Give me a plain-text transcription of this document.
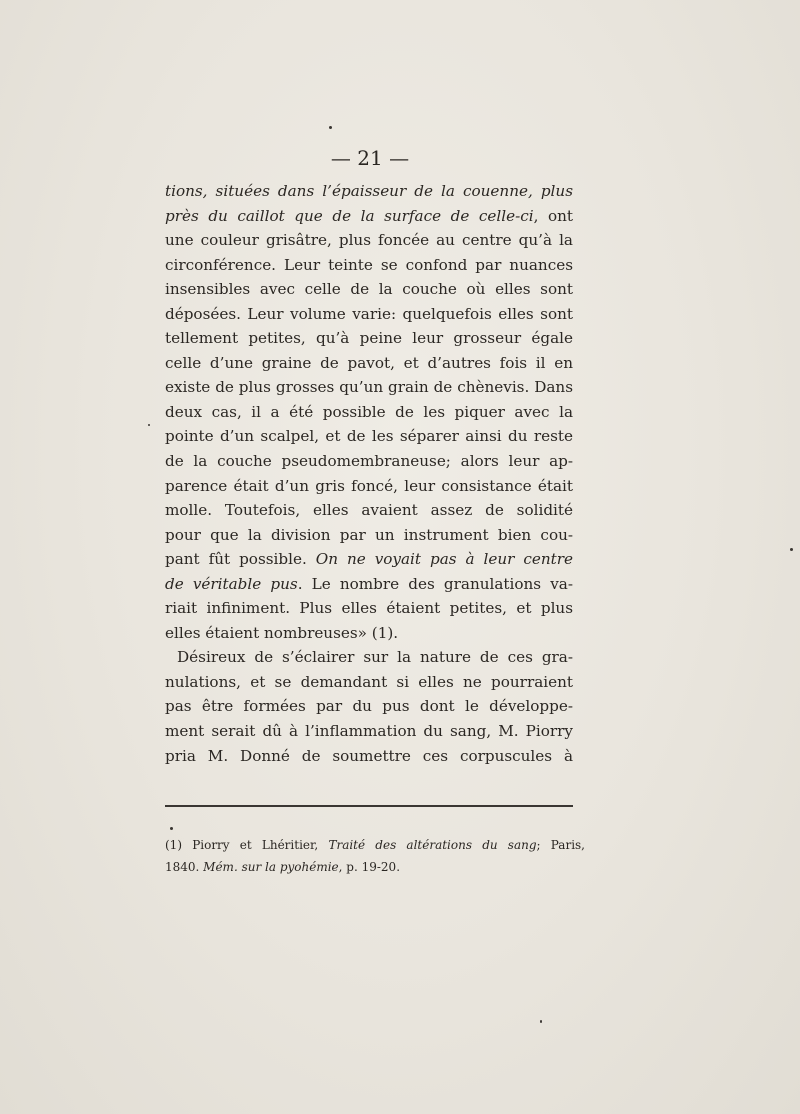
— 21 —
tions, situées dans l’épaisseur de la couenne, plus
près du caillot que de la surface de celle-ci, ont
une couleur grisâtre, plus foncée au centre qu’à la
circonférence. Leur teinte se confond par nuances
insensibles avec celle de la couche où elles sont
déposées. Leur volume varie: quelquefois elles sont
tellement petites, qu’à peine leur grosseur égale
celle d’une graine de pavot, et d’autres fois il en
existe de plus grosses qu’un grain de chènevis. Dans
deux cas, il a été possible de les piquer avec la
pointe d’un scalpel, et de les séparer ainsi du reste
de la couche pseudomembraneuse; alors leur ap-
parence était d’un gris foncé, leur consistance était
molle. Toutefois, elles avaient assez de solidité
pour que la division par un instrument bien cou-
pant fût possible. On ne voyait pas à leur centre
de véritable pus. Le nombre des granulations va-
riait infiniment. Plus elles étaient petites, et plus
elles étaient nombreuses» (1).
Désireux de s’éclairer sur la nature de ces gra-
nulations, et se demandant si elles ne pourraient
pas être formées par du pus dont le développe-
ment serait dû à l’inflammation du sang, M. Piorry
pria M. Donné de soumettre ces corpuscules à
(1) Piorry et Lhéritier, Traité des altérations du sang; Paris,
1840. Mém. sur la pyohémie, p. 19-20.
